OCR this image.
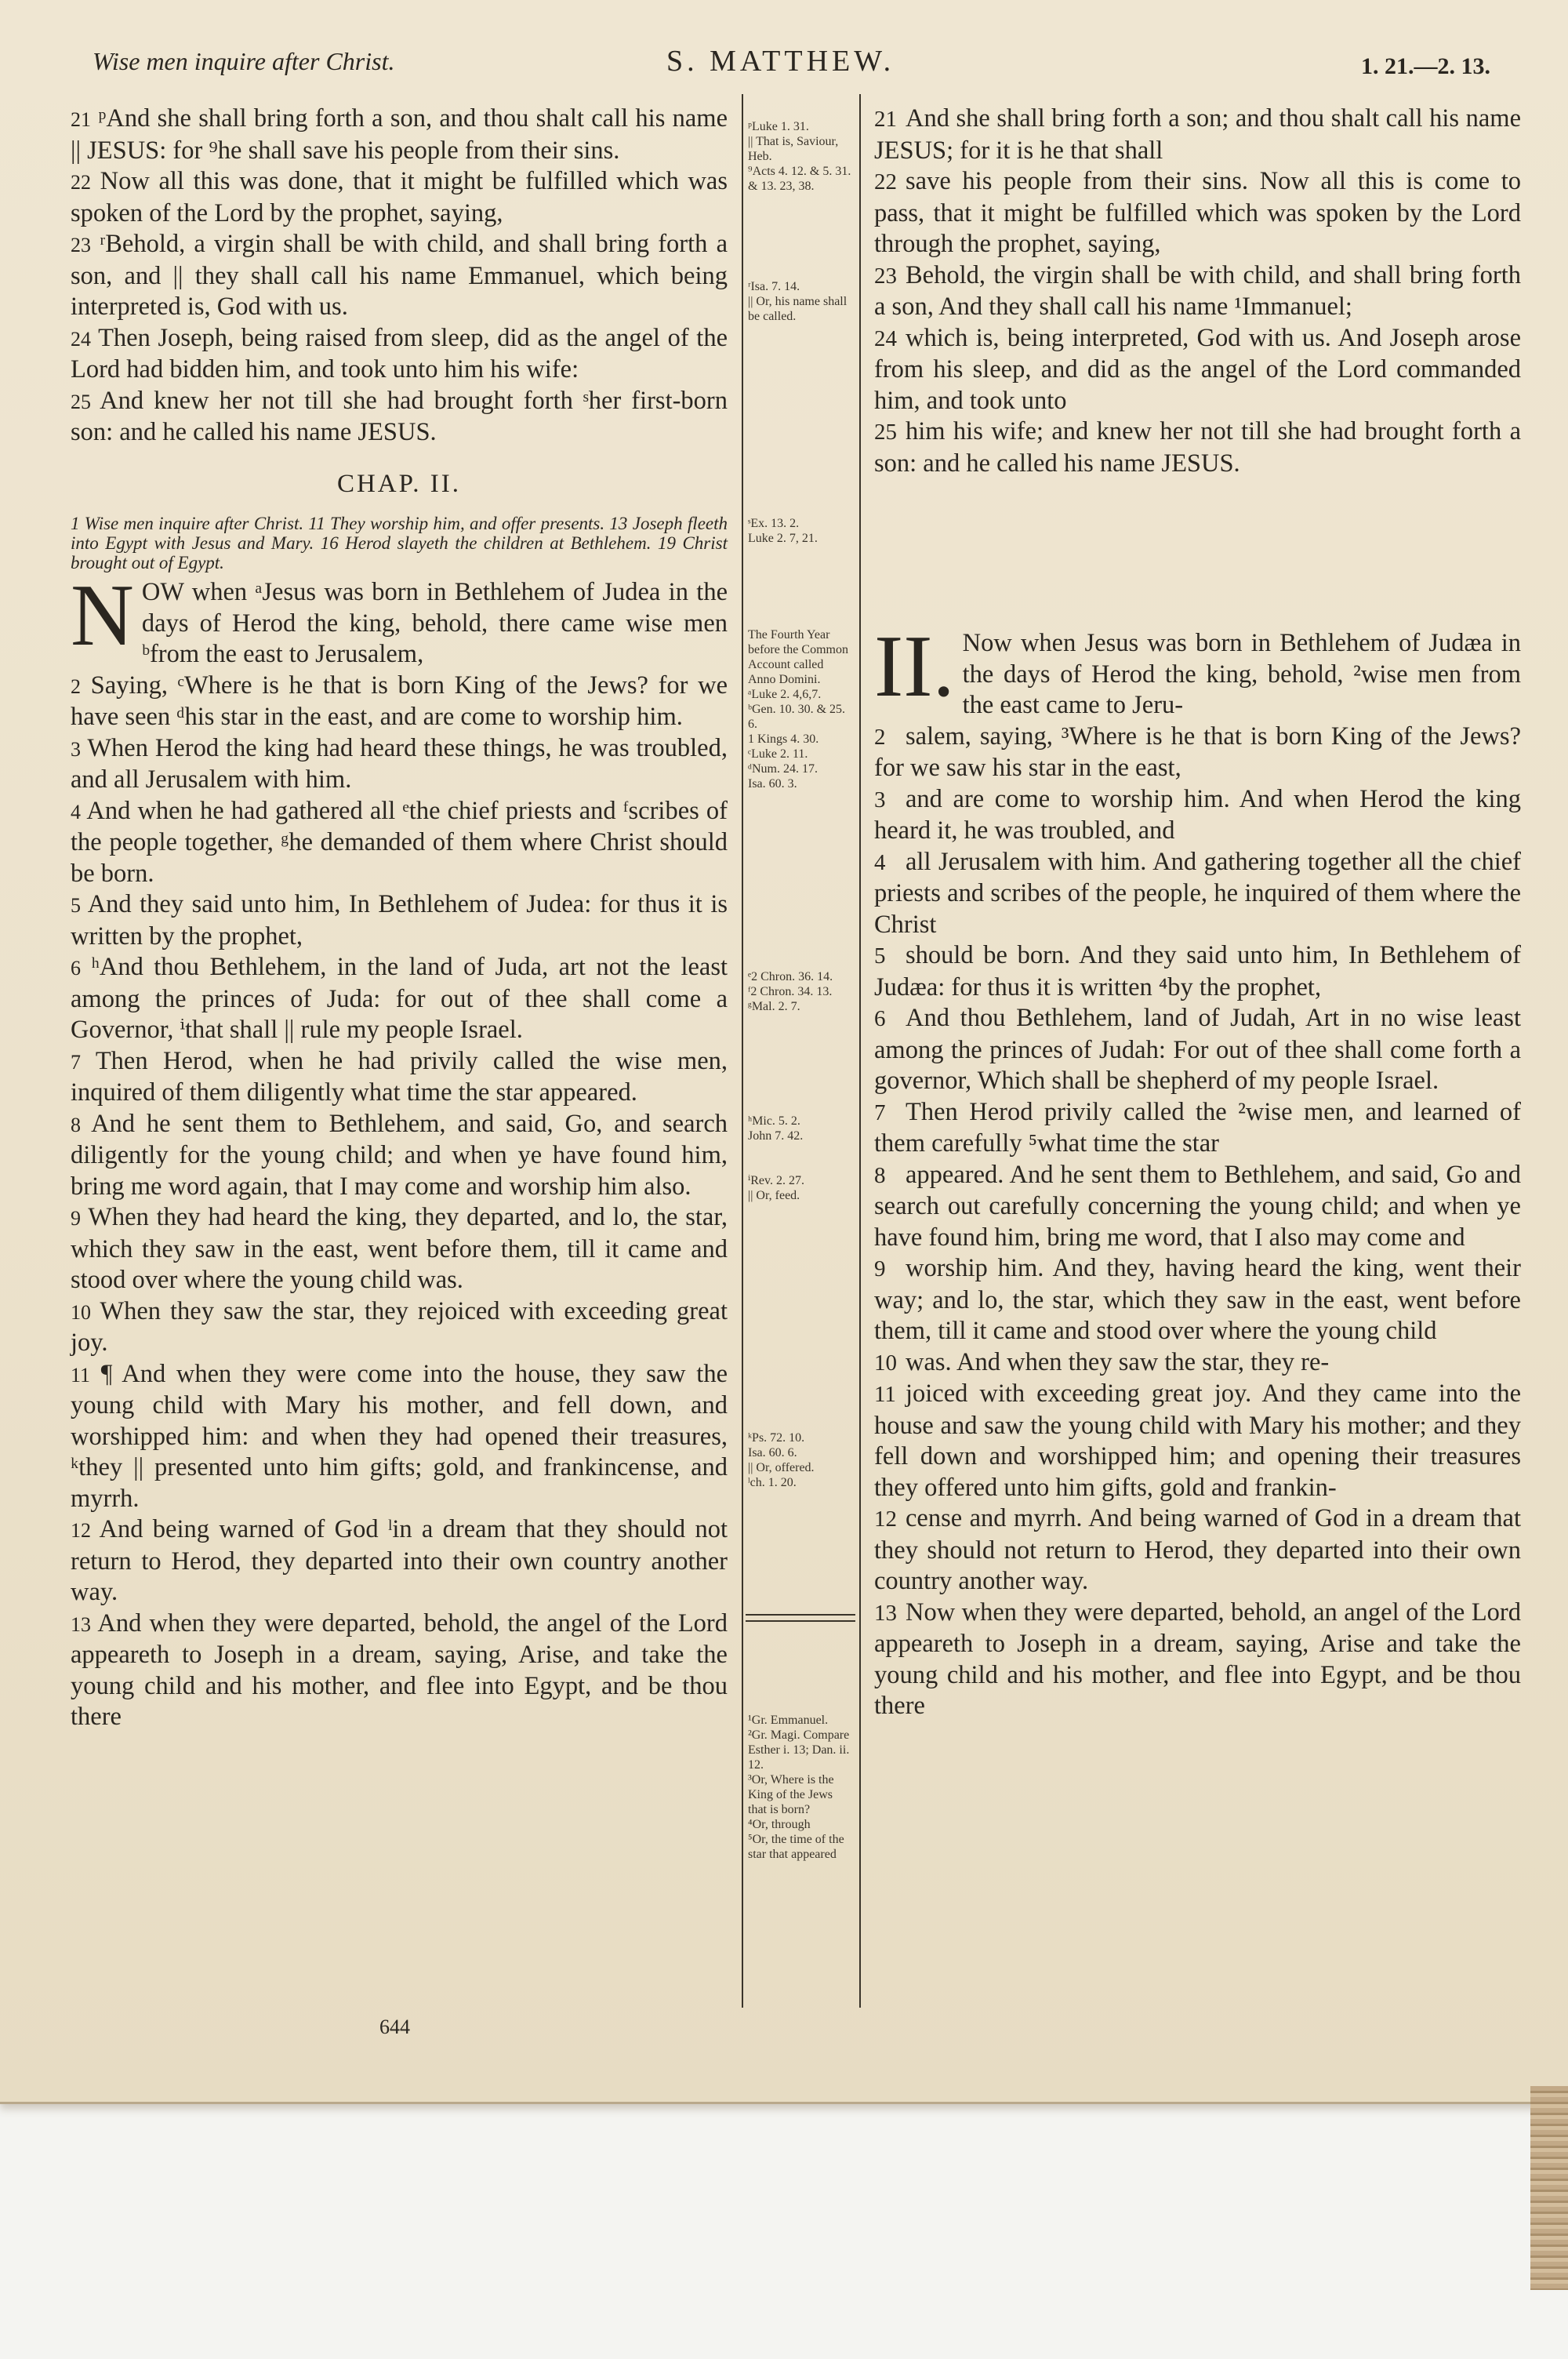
Wise men inquire after Christ.	S. MATTHEW.	1. 21.—2. 13.

21 ᵖAnd she shall bring forth a son, and thou shalt call his name || JESUS: for ⁹he shall save his people from their sins.

22 Now all this was done, that it might be fulfilled which was spoken of the Lord by the prophet, saying,

23 ʳBehold, a virgin shall be with child, and shall bring forth a son, and || they shall call his name Emmanuel, which being interpreted is, God with us.

24 Then Joseph, being raised from sleep, did as the angel of the Lord had bidden him, and took unto him his wife:

25 And knew her not till she had brought forth ˢher first-born son: and he called his name JESUS.

CHAP. II.
1 Wise men inquire after Christ. 11 They worship him, and offer presents. 13 Joseph fleeth into Egypt with Jesus and Mary. 16 Herod slayeth the children at Bethlehem. 19 Christ brought out of Egypt.

NOW when ᵃJesus was born in Bethlehem of Judea in the days of Herod the king, behold, there came wise men ᵇfrom the east to Jerusalem,

2 Saying, ᶜWhere is he that is born King of the Jews? for we have seen ᵈhis star in the east, and are come to worship him.

3 When Herod the king had heard these things, he was troubled, and all Jerusalem with him.

4 And when he had gathered all ᵉthe chief priests and ᶠscribes of the people together, ᵍhe demanded of them where Christ should be born.

5 And they said unto him, In Bethlehem of Judea: for thus it is written by the prophet,

6 ʰAnd thou Bethlehem, in the land of Juda, art not the least among the princes of Juda: for out of thee shall come a Governor, ⁱthat shall || rule my people Israel.

7 Then Herod, when he had privily called the wise men, inquired of them diligently what time the star appeared.

8 And he sent them to Bethlehem, and said, Go, and search diligently for the young child; and when ye have found him, bring me word again, that I may come and worship him also.

9 When they had heard the king, they departed, and lo, the star, which they saw in the east, went before them, till it came and stood over where the young child was.

10 When they saw the star, they rejoiced with exceeding great joy.

11 ¶ And when they were come into the house, they saw the young child with Mary his mother, and fell down, and worshipped him: and when they had opened their treasures, ᵏthey || presented unto him gifts; gold, and frankincense, and myrrh.

12 And being warned of God ˡin a dream that they should not return to Herod, they departed into their own country another way.

13 And when they were departed, behold, the angel of the Lord appeareth to Joseph in a dream, saying, Arise, and take the young child and his mother, and flee into Egypt, and be thou there

ᵖLuke 1. 31.
|| That is, Saviour, Heb.
⁹Acts 4. 12. & 5. 31. & 13. 23, 38.
ʳIsa. 7. 14.
|| Or, his name shall be called.
ˢEx. 13. 2.
Luke 2. 7, 21.
The Fourth Year before the Common Account called Anno Domini.
ᵃLuke 2. 4,6,7.
ᵇGen. 10. 30. & 25. 6.
1 Kings 4. 30.
ᶜLuke 2. 11.
ᵈNum. 24. 17.
Isa. 60. 3.
ᵉ2 Chron. 36. 14.
ᶠ2 Chron. 34. 13.
ᵍMal. 2. 7.
ʰMic. 5. 2.
John 7. 42.
ⁱRev. 2. 27.
|| Or, feed.
ᵏPs. 72. 10.
Isa. 60. 6.
|| Or, offered.
ˡch. 1. 20.
¹Gr. Emmanuel.
²Gr. Magi. Compare Esther i. 13; Dan. ii. 12.
³Or, Where is the King of the Jews that is born?
⁴Or, through
⁵Or, the time of the star that appeared

21 And she shall bring forth a son; and thou shalt call his name JESUS; for it is he that shall

22 save his people from their sins. Now all this is come to pass, that it might be fulfilled which was spoken by the Lord through the prophet, saying,

23 Behold, the virgin shall be with child, and shall bring forth a son, And they shall call his name ¹Immanuel;

24 which is, being interpreted, God with us. And Joseph arose from his sleep, and did as the angel of the Lord commanded him, and took unto

25 him his wife; and knew her not till she had brought forth a son: and he called his name JESUS.

II. Now when Jesus was born in Bethlehem of Judæa in the days of Herod the king, behold, ²wise men from the east came to Jeru-

2 salem, saying, ³Where is he that is born King of the Jews? for we saw his star in the east,

3 and are come to worship him. And when Herod the king heard it, he was troubled, and

4 all Jerusalem with him. And gathering together all the chief priests and scribes of the people, he inquired of them where the Christ

5 should be born. And they said unto him, In Bethlehem of Judæa: for thus it is written ⁴by the prophet,

6 And thou Bethlehem, land of Judah, Art in no wise least among the princes of Judah: For out of thee shall come forth a governor, Which shall be shepherd of my people Israel.

7 Then Herod privily called the ²wise men, and learned of them carefully ⁵what time the star

8 appeared. And he sent them to Bethlehem, and said, Go and search out carefully concerning the young child; and when ye have found him, bring me word, that I also may come and

9 worship him. And they, having heard the king, went their way; and lo, the star, which they saw in the east, went before them, till it came and stood over where the young child

10 was. And when they saw the star, they re-

11 joiced with exceeding great joy. And they came into the house and saw the young child with Mary his mother; and they fell down and worshipped him; and opening their treasures they offered unto him gifts, gold and frankin-

12 cense and myrrh. And being warned of God in a dream that they should not return to Herod, they departed into their own country another way.

13 Now when they were departed, behold, an angel of the Lord appeareth to Joseph in a dream, saying, Arise and take the young child and his mother, and flee into Egypt, and be thou there

644
